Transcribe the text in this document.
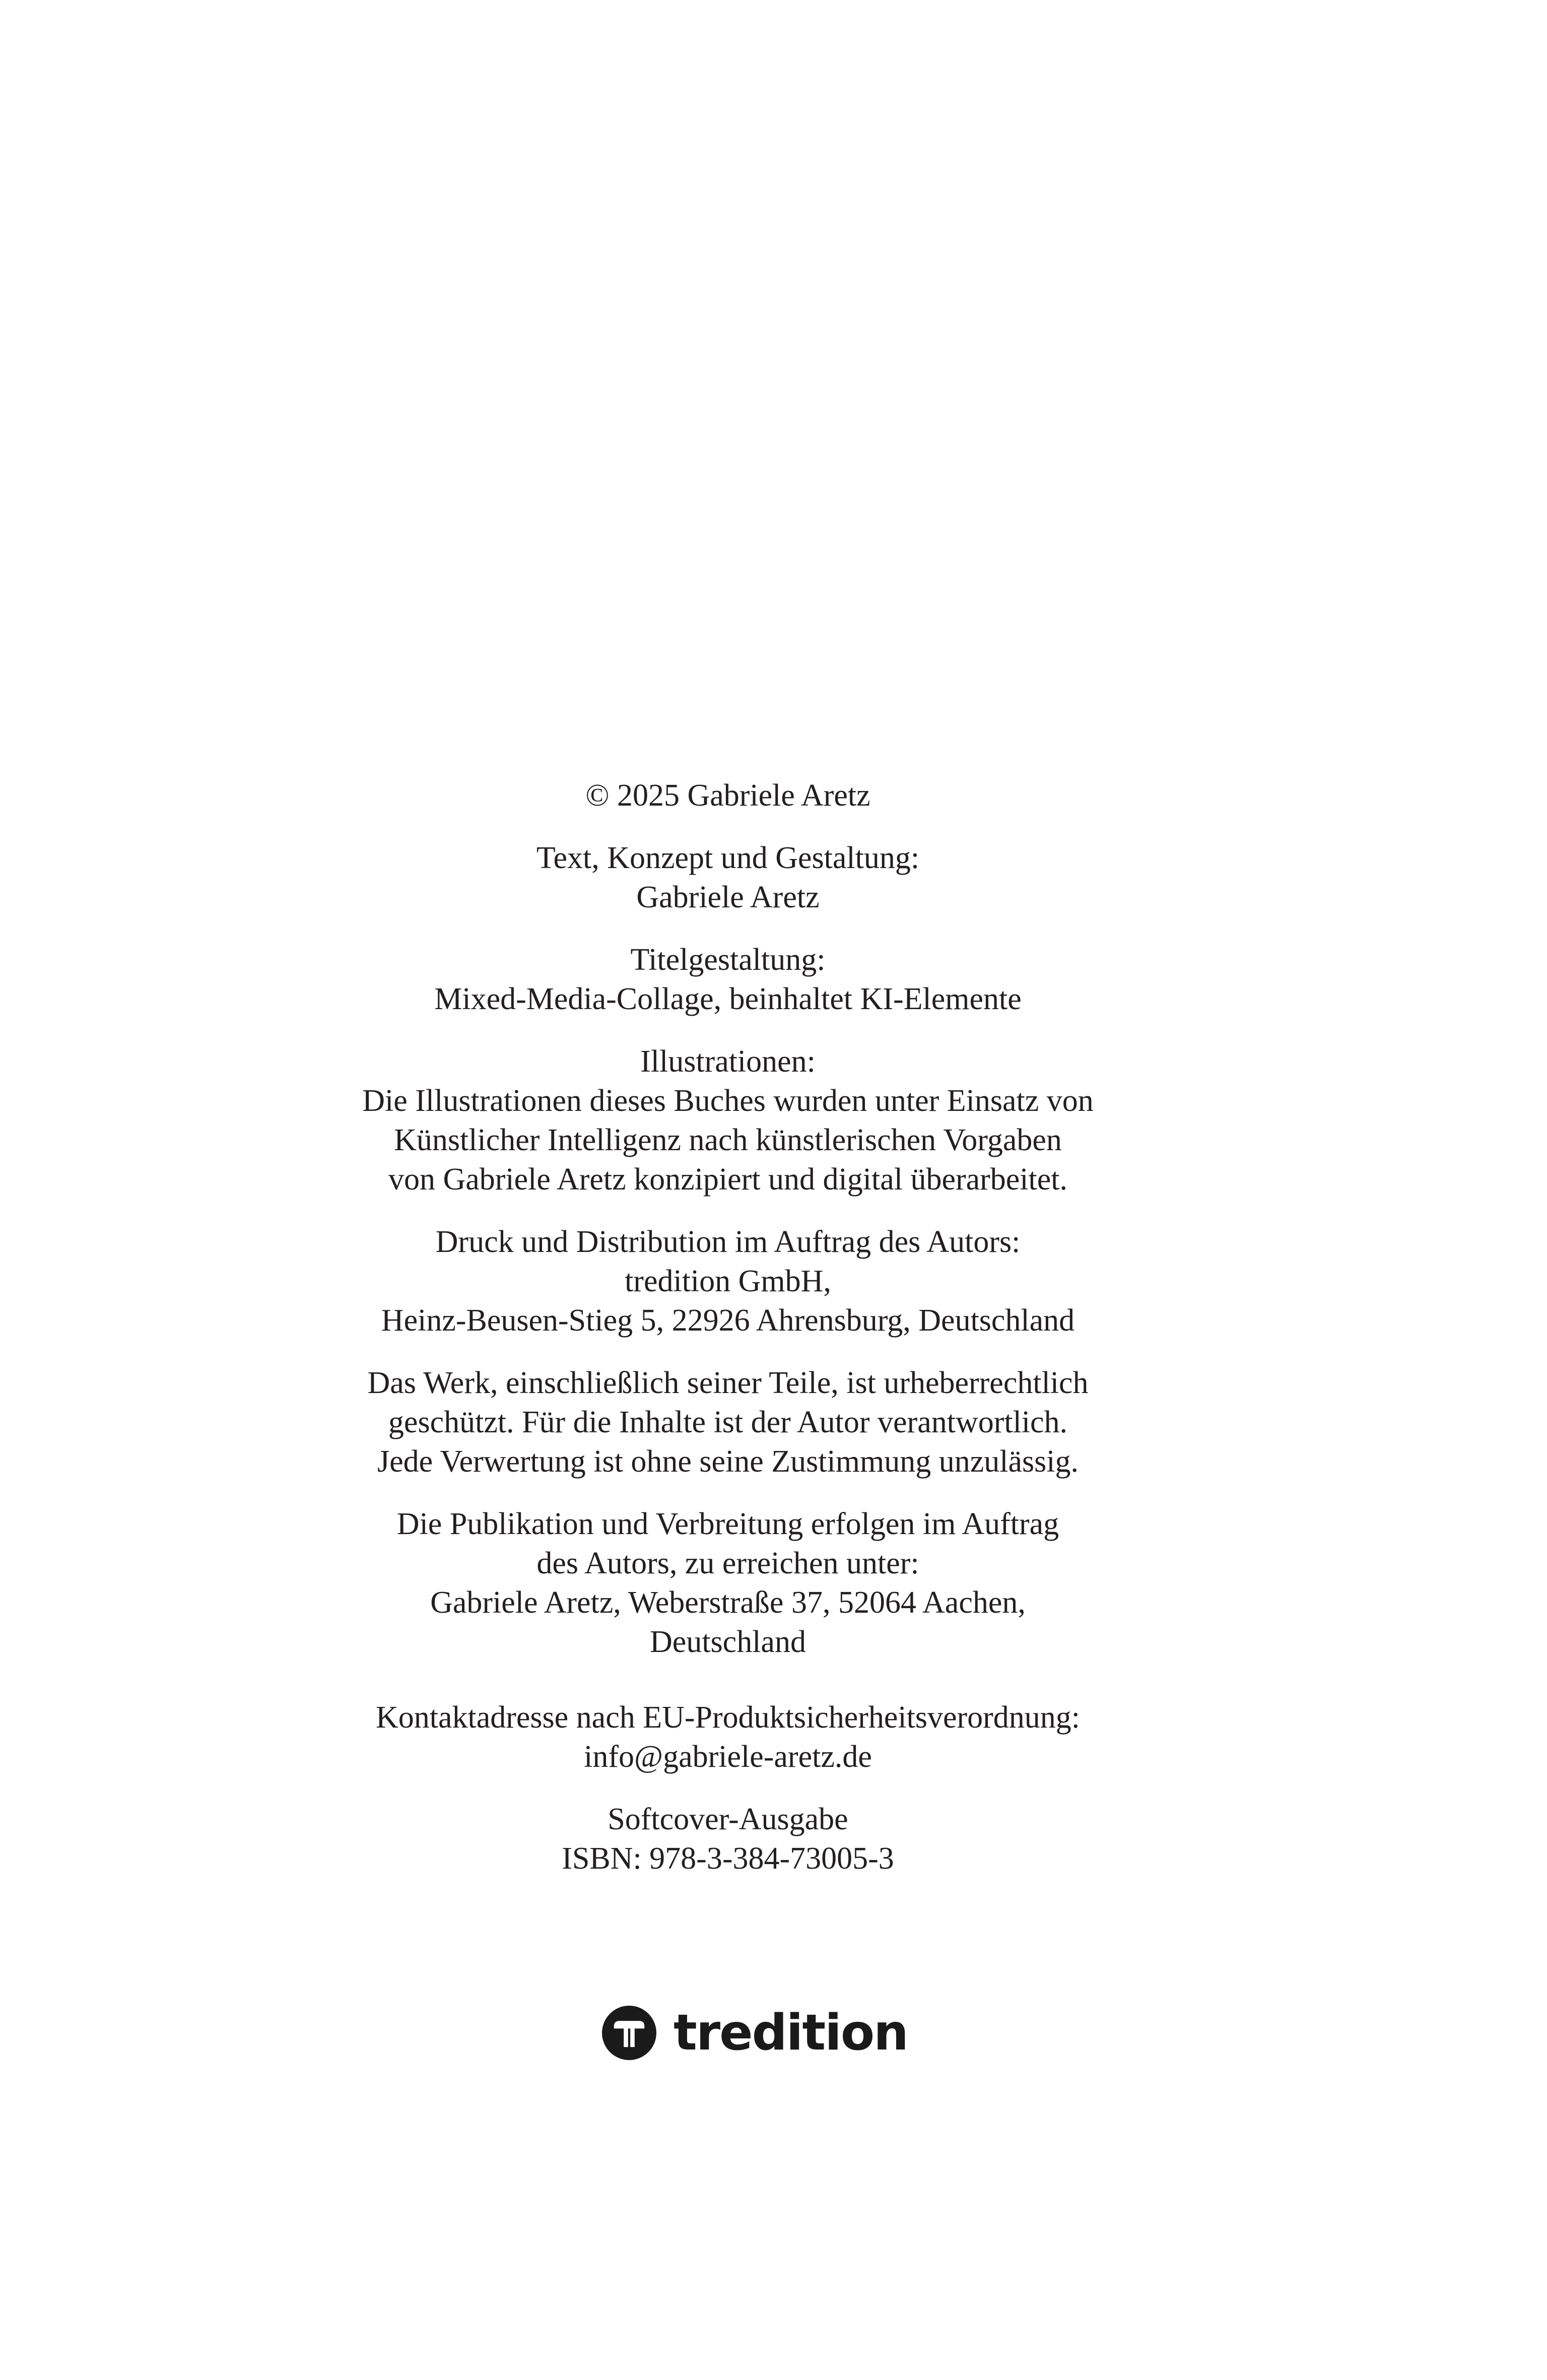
© 2025 Gabriele Aretz

Text, Konzept und Gestaltung:
Gabriele Aretz

Titelgestaltung:
Mixed-Media-Collage, beinhaltet KI-Elemente

Illustrationen:
Die Illustrationen dieses Buches wurden unter Einsatz von
Künstlicher Intelligenz nach künstlerischen Vorgaben
von Gabriele Aretz konzipiert und digital überarbeitet.

Druck und Distribution im Auftrag des Autors:
tredition GmbH,
Heinz-Beusen-Stieg 5, 22926 Ahrensburg, Deutschland

Das Werk, einschließlich seiner Teile, ist urheberrechtlich
geschützt. Für die Inhalte ist der Autor verantwortlich.
Jede Verwertung ist ohne seine Zustimmung unzulässig.

Die Publikation und Verbreitung erfolgen im Auftrag
des Autors, zu erreichen unter:
Gabriele Aretz, Weberstraße 37, 52064 Aachen,
Deutschland

Kontaktadresse nach EU-Produktsicherheitsverordnung:
info@gabriele-aretz.de

Softcover-Ausgabe
ISBN: 978-3-384-73005-3

tredition
